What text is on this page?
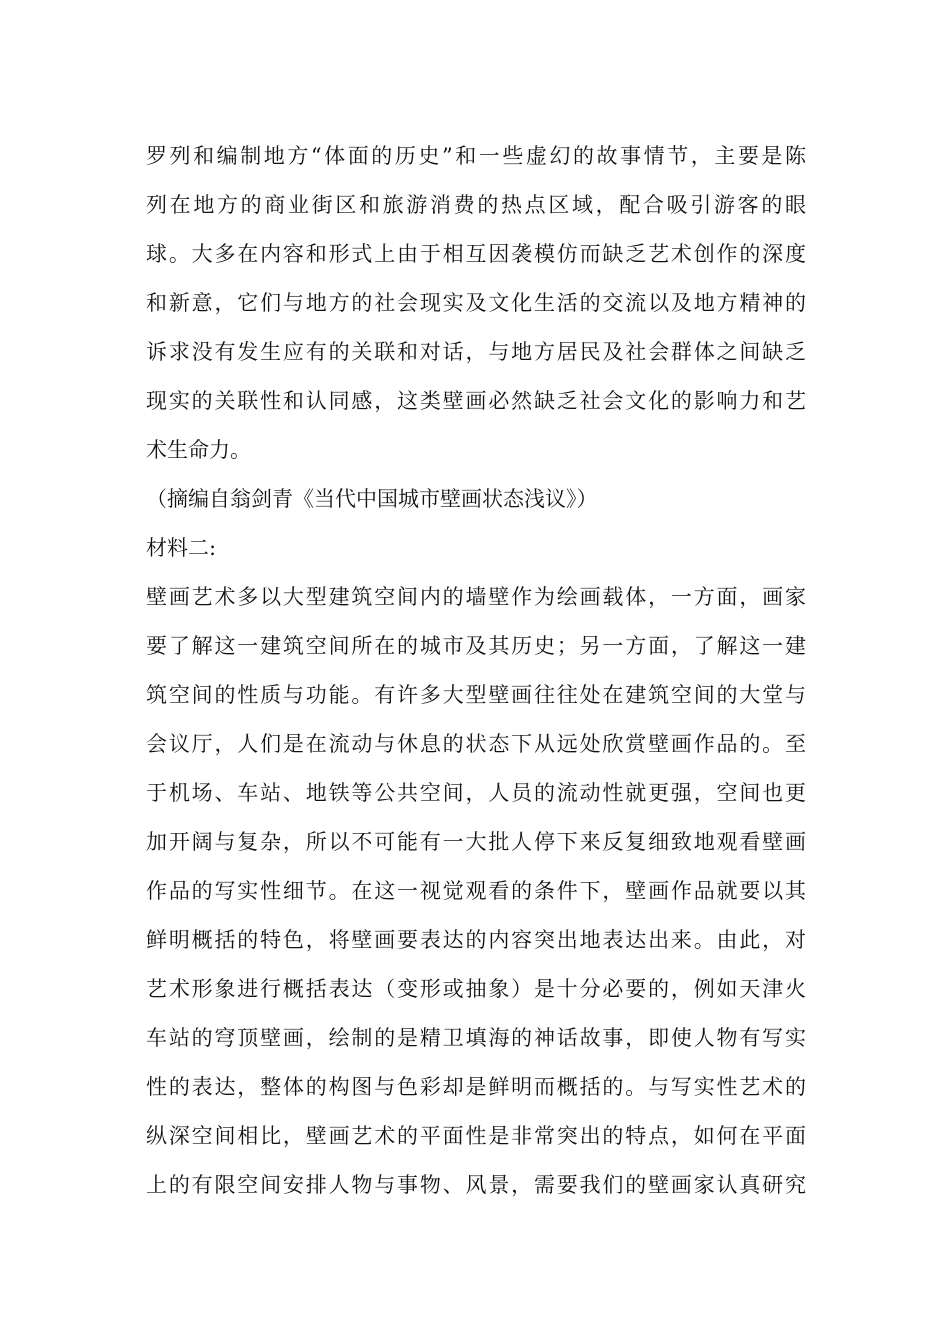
罗列和编制地方“体面的历史”和一些虚幻的故事情节，主要是陈
列在地方的商业街区和旅游消费的热点区域，配合吸引游客的眼
球。大多在内容和形式上由于相互因袭模仿而缺乏艺术创作的深度
和新意，它们与地方的社会现实及文化生活的交流以及地方精神的
诉求没有发生应有的关联和对话，与地方居民及社会群体之间缺乏
现实的关联性和认同感，这类壁画必然缺乏社会文化的影响力和艺
术生命力。
（摘编自翁剑青《当代中国城市壁画状态浅议》）
材料二:
壁画艺术多以大型建筑空间内的墙壁作为绘画载体，一方面，画家
要了解这一建筑空间所在的城市及其历史；另一方面，了解这一建
筑空间的性质与功能。有许多大型壁画往往处在建筑空间的大堂与
会议厅，人们是在流动与休息的状态下从远处欣赏壁画作品的。至
于机场、车站、地铁等公共空间，人员的流动性就更强，空间也更
加开阔与复杂，所以不可能有一大批人停下来反复细致地观看壁画
作品的写实性细节。在这一视觉观看的条件下，壁画作品就要以其
鲜明概括的特色，将壁画要表达的内容突出地表达出来。由此，对
艺术形象进行概括表达（变形或抽象）是十分必要的，例如天津火
车站的穹顶壁画，绘制的是精卫填海的神话故事，即使人物有写实
性的表达，整体的构图与色彩却是鲜明而概括的。与写实性艺术的
纵深空间相比，壁画艺术的平面性是非常突出的特点，如何在平面
上的有限空间安排人物与事物、风景，需要我们的壁画家认真研究
